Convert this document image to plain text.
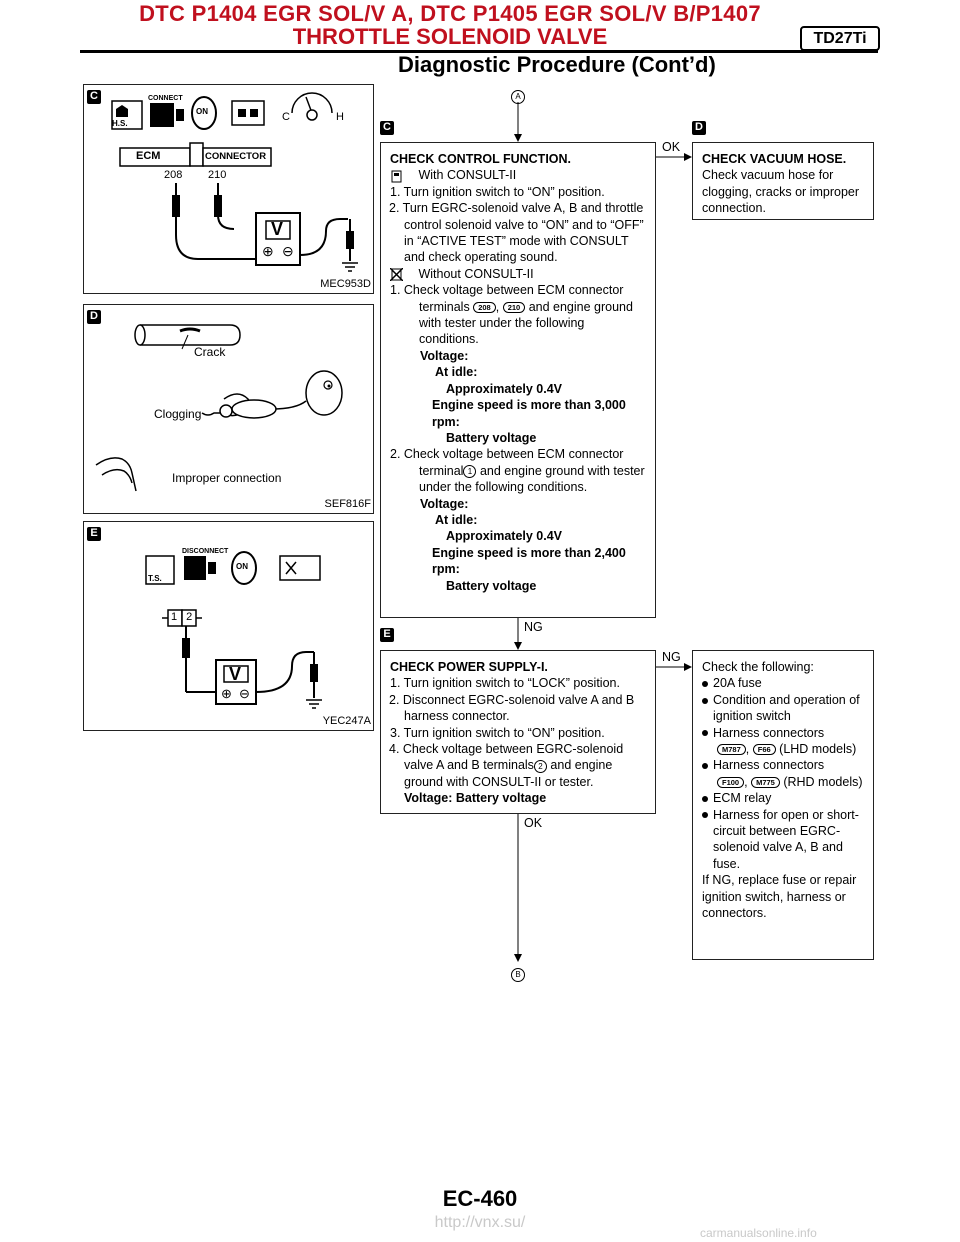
DTC P1404 EGR SOL/V A, DTC P1405 EGR SOL/V B/P1407
THROTTLE SOLENOID VALVE	TD27Ti
Diagnostic Procedure (Cont’d)
C	CONNECT
H.S.
ON	C	H
ECM	CONNECTOR
208 210
V
⊕ ⊖
MEC953D
D
Crack
Clogging
Improper connection
SEF816F
E
DISCONNECT
T.S.
ON
1 2
V
⊕ ⊖
YEC247A
A
B
C	D
E
OK
NG
NG
OK
CHECK CONTROL FUNCTION.
With CONSULT-II
1. Turn ignition switch to “ON” position.
2. Turn EGRC-solenoid valve A, B and throttle control solenoid valve to “ON” and to “OFF” in “ACTIVE TEST” mode with CONSULT and check operating sound.
Without CONSULT-II
1. Check voltage between ECM connector terminals 208 , 210 and engine ground with tester under the following conditions.
Voltage:
At idle:
Approximately 0.4V
Engine speed is more than 3,000 rpm:
Battery voltage
2. Check voltage between ECM connector terminal 1 and engine ground with tester under the following conditions.
Voltage:
At idle:
Approximately 0.4V
Engine speed is more than 2,400 rpm:
Battery voltage
CHECK VACUUM HOSE.
Check vacuum hose for clogging, cracks or improper connection.
CHECK POWER SUPPLY-I.
1. Turn ignition switch to “LOCK” position.
2. Disconnect EGRC-solenoid valve A and B harness connector.
3. Turn ignition switch to “ON” position.
4. Check voltage between EGRC-solenoid valve A and B terminals 2 and engine ground with CONSULT-II or tester.
Voltage: Battery voltage
Check the following:
20A fuse
Condition and operation of ignition switch
Harness connectors
M787 , F66 (LHD models)
Harness connectors
F100 , M775 (RHD models)
ECM relay
Harness for open or short-circuit between EGRC-solenoid valve A, B and fuse.
If NG, replace fuse or repair ignition switch, harness or connectors.
EC-460
http://vnx.su/
carmanualsonline.info
